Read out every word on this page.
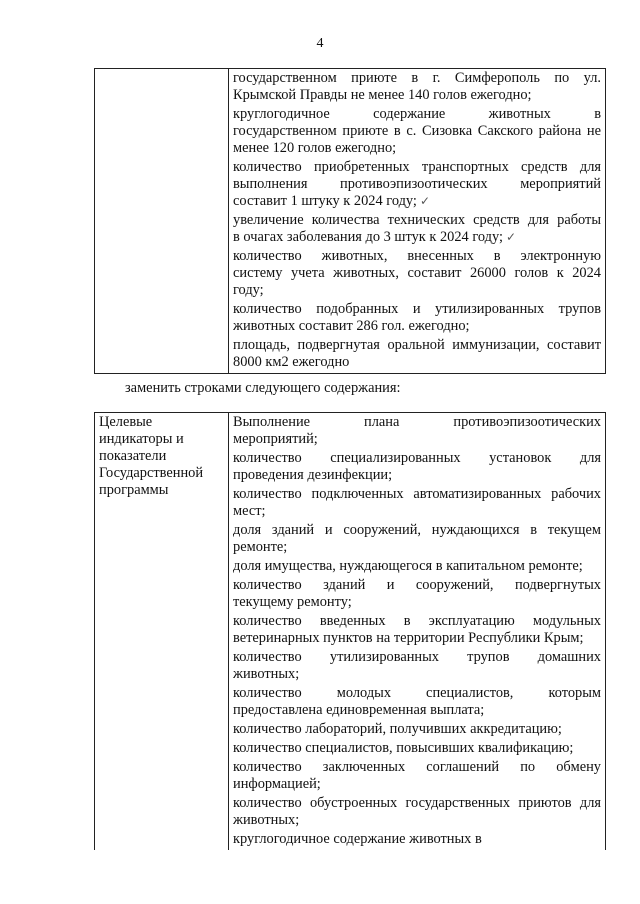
4

государственном приюте в г. Симферополь по ул.
Крымской Правды не менее 140 голов ежегодно;
круглогодичное содержание животных в
государственном приюте в с. Сизовка Сакского района не
менее 120 голов ежегодно;
количество приобретенных транспортных средств для
выполнения противоэпизоотических мероприятий
составит 1 штуку к 2024 году; ✓
увеличение количества технических средств для работы
в очагах заболевания до 3 штук к 2024 году; ✓
количество животных, внесенных в электронную
систему учета животных, составит 26000 голов к 2024
году;
количество подобранных и утилизированных трупов
животных составит 286 гол. ежегодно;
площадь, подвергнутая оральной иммунизации, составит
8000 км2 ежегодно
заменить строками следующего содержания:
Целевые
индикаторы и
показатели
Государственной
программы

Выполнение плана противоэпизоотических
мероприятий;
количество специализированных установок для
проведения дезинфекции;
количество подключенных автоматизированных рабочих
мест;
доля зданий и сооружений, нуждающихся в текущем
ремонте;
доля имущества, нуждающегося в капитальном ремонте;
количество зданий и сооружений, подвергнутых
текущему ремонту;
количество введенных в эксплуатацию модульных
ветеринарных пунктов на территории Республики Крым;
количество утилизированных трупов домашних
животных;
количество молодых специалистов, которым
предоставлена единовременная выплата;
количество лабораторий, получивших аккредитацию;
количество специалистов, повысивших квалификацию;
количество заключенных соглашений по обмену
информацией;
количество обустроенных государственных приютов для
животных;
круглогодичное содержание животных в
